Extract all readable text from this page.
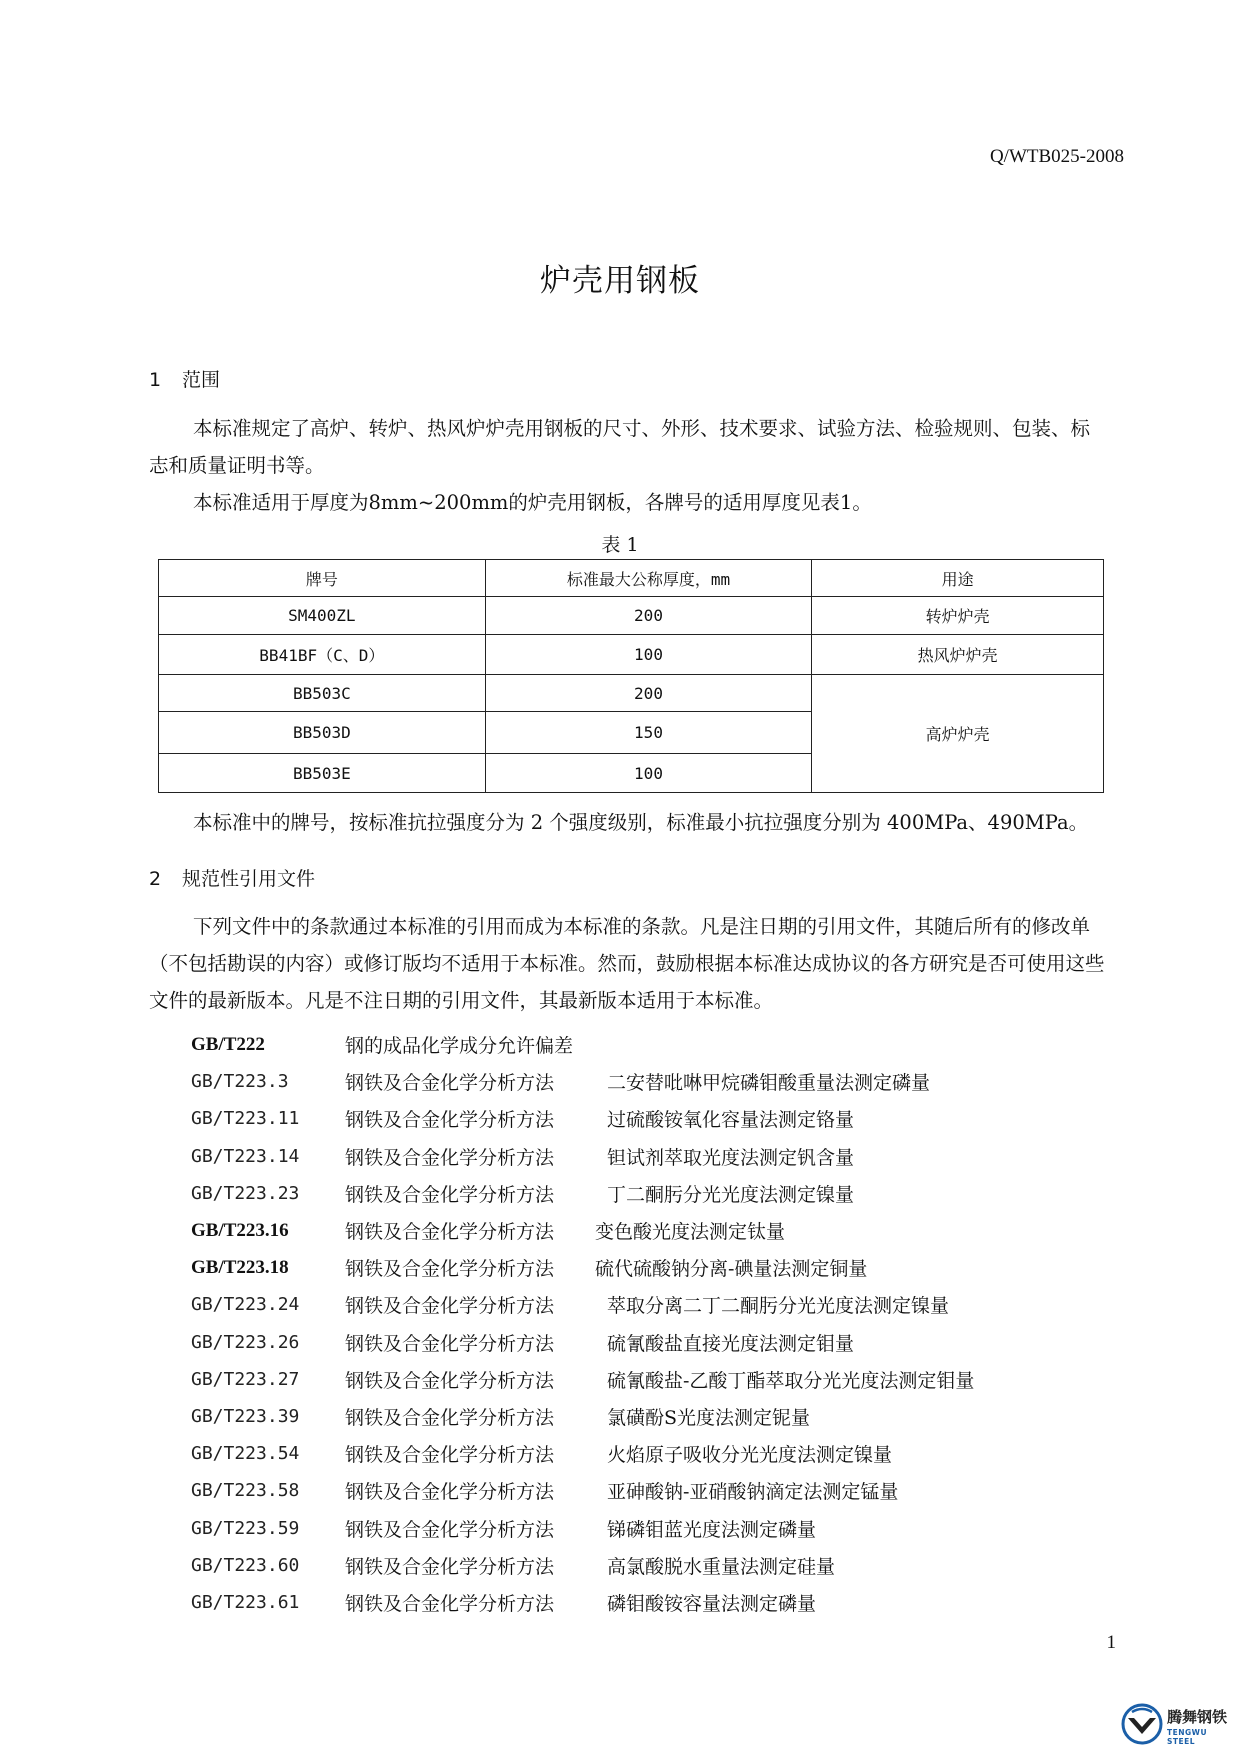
Q/WTB025-2008
炉壳用钢板
1 范围
本标准规定了高炉、转炉、热风炉炉壳用钢板的尺寸、外形、技术要求、试验方法、检验规则、包装、标志和质量证明书等。
本标准适用于厚度为8mm~200mm的炉壳用钢板，各牌号的适用厚度见表1。
表 1
牌号	标准最大公称厚度，mm	用途
SM400ZL	200	转炉炉壳
BB41BF（C、D）	100	热风炉炉壳
BB503C	200	高炉炉壳
BB503D	150	
BB503E	100	
本标准中的牌号，按标准抗拉强度分为 2 个强度级别，标准最小抗拉强度分别为 400MPa、490MPa。
2 规范性引用文件
下列文件中的条款通过本标准的引用而成为本标准的条款。凡是注日期的引用文件，其随后所有的修改单（不包括勘误的内容）或修订版均不适用于本标准。然而，鼓励根据本标准达成协议的各方研究是否可使用这些文件的最新版本。凡是不注日期的引用文件，其最新版本适用于本标准。
GB/T222	钢的成品化学成分允许偏差
GB/T223.3	钢铁及合金化学分析方法	二安替吡啉甲烷磷钼酸重量法测定磷量
GB/T223.11	钢铁及合金化学分析方法	过硫酸铵氧化容量法测定铬量
GB/T223.14	钢铁及合金化学分析方法	钽试剂萃取光度法测定钒含量
GB/T223.23	钢铁及合金化学分析方法	丁二酮肟分光光度法测定镍量
GB/T223.16	钢铁及合金化学分析方法	变色酸光度法测定钛量
GB/T223.18	钢铁及合金化学分析方法	硫代硫酸钠分离-碘量法测定铜量
GB/T223.24	钢铁及合金化学分析方法	萃取分离二丁二酮肟分光光度法测定镍量
GB/T223.26	钢铁及合金化学分析方法	硫氰酸盐直接光度法测定钼量
GB/T223.27	钢铁及合金化学分析方法	硫氰酸盐-乙酸丁酯萃取分光光度法测定钼量
GB/T223.39	钢铁及合金化学分析方法	氯磺酚S光度法测定铌量
GB/T223.54	钢铁及合金化学分析方法	火焰原子吸收分光光度法测定镍量
GB/T223.58	钢铁及合金化学分析方法	亚砷酸钠-亚硝酸钠滴定法测定锰量
GB/T223.59	钢铁及合金化学分析方法	锑磷钼蓝光度法测定磷量
GB/T223.60	钢铁及合金化学分析方法	高氯酸脱水重量法测定硅量
GB/T223.61	钢铁及合金化学分析方法	磷钼酸铵容量法测定磷量
1
腾舞钢铁
TENGWU STEEL
